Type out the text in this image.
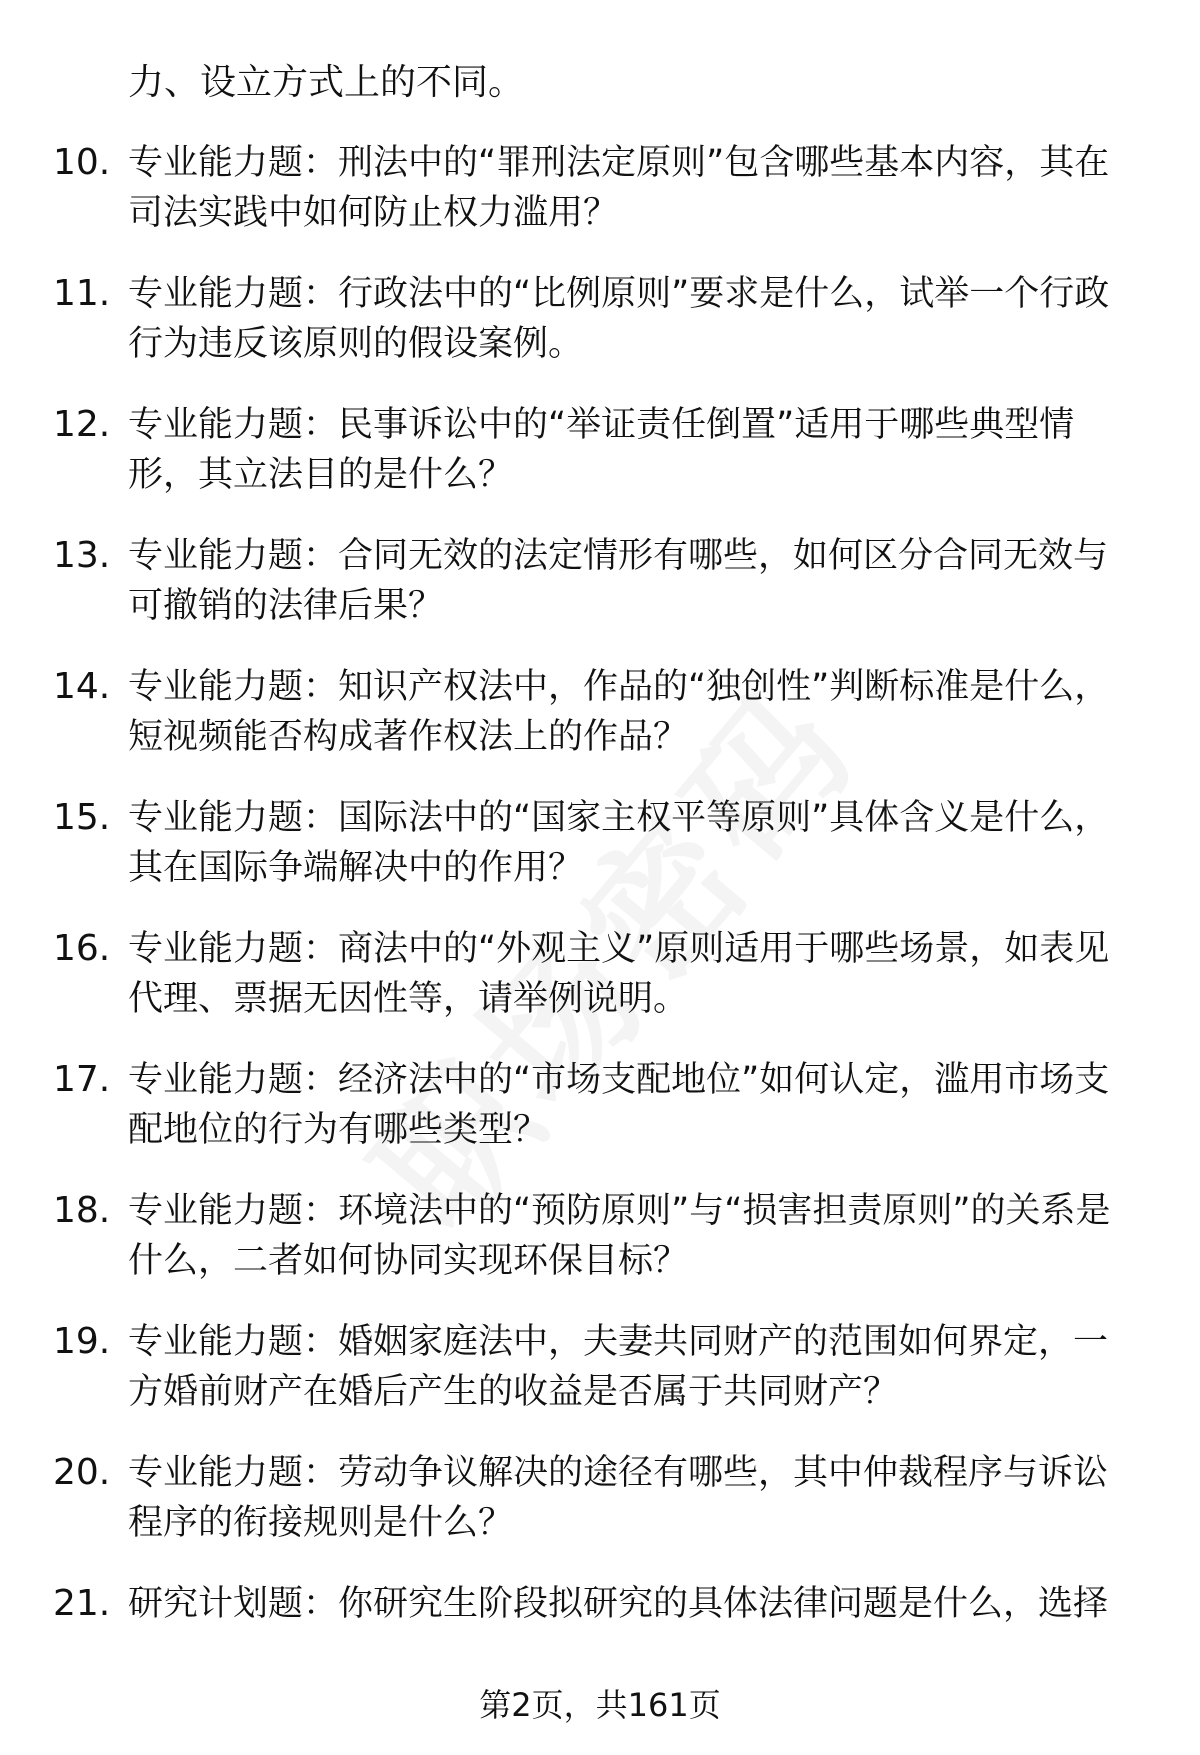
力、设立方式上的不同。
10. 专业能力题：刑法中的“罪刑法定原则”包含哪些基本内容，其在司法实践中如何防止权力滥用？
11. 专业能力题：行政法中的“比例原则”要求是什么，试举一个行政行为违反该原则的假设案例。
12. 专业能力题：民事诉讼中的“举证责任倒置”适用于哪些典型情形，其立法目的是什么？
13. 专业能力题：合同无效的法定情形有哪些，如何区分合同无效与可撤销的法律后果？
14. 专业能力题：知识产权法中，作品的“独创性”判断标准是什么，短视频能否构成著作权法上的作品？
15. 专业能力题：国际法中的“国家主权平等原则”具体含义是什么，其在国际争端解决中的作用？
16. 专业能力题：商法中的“外观主义”原则适用于哪些场景，如表见代理、票据无因性等，请举例说明。
17. 专业能力题：经济法中的“市场支配地位”如何认定，滥用市场支配地位的行为有哪些类型？
18. 专业能力题：环境法中的“预防原则”与“损害担责原则”的关系是什么，二者如何协同实现环保目标？
19. 专业能力题：婚姻家庭法中，夫妻共同财产的范围如何界定，一方婚前财产在婚后产生的收益是否属于共同财产？
20. 专业能力题：劳动争议解决的途径有哪些，其中仲裁程序与诉讼程序的衔接规则是什么？
21. 研究计划题：你研究生阶段拟研究的具体法律问题是什么，选择
第2页，共161页
